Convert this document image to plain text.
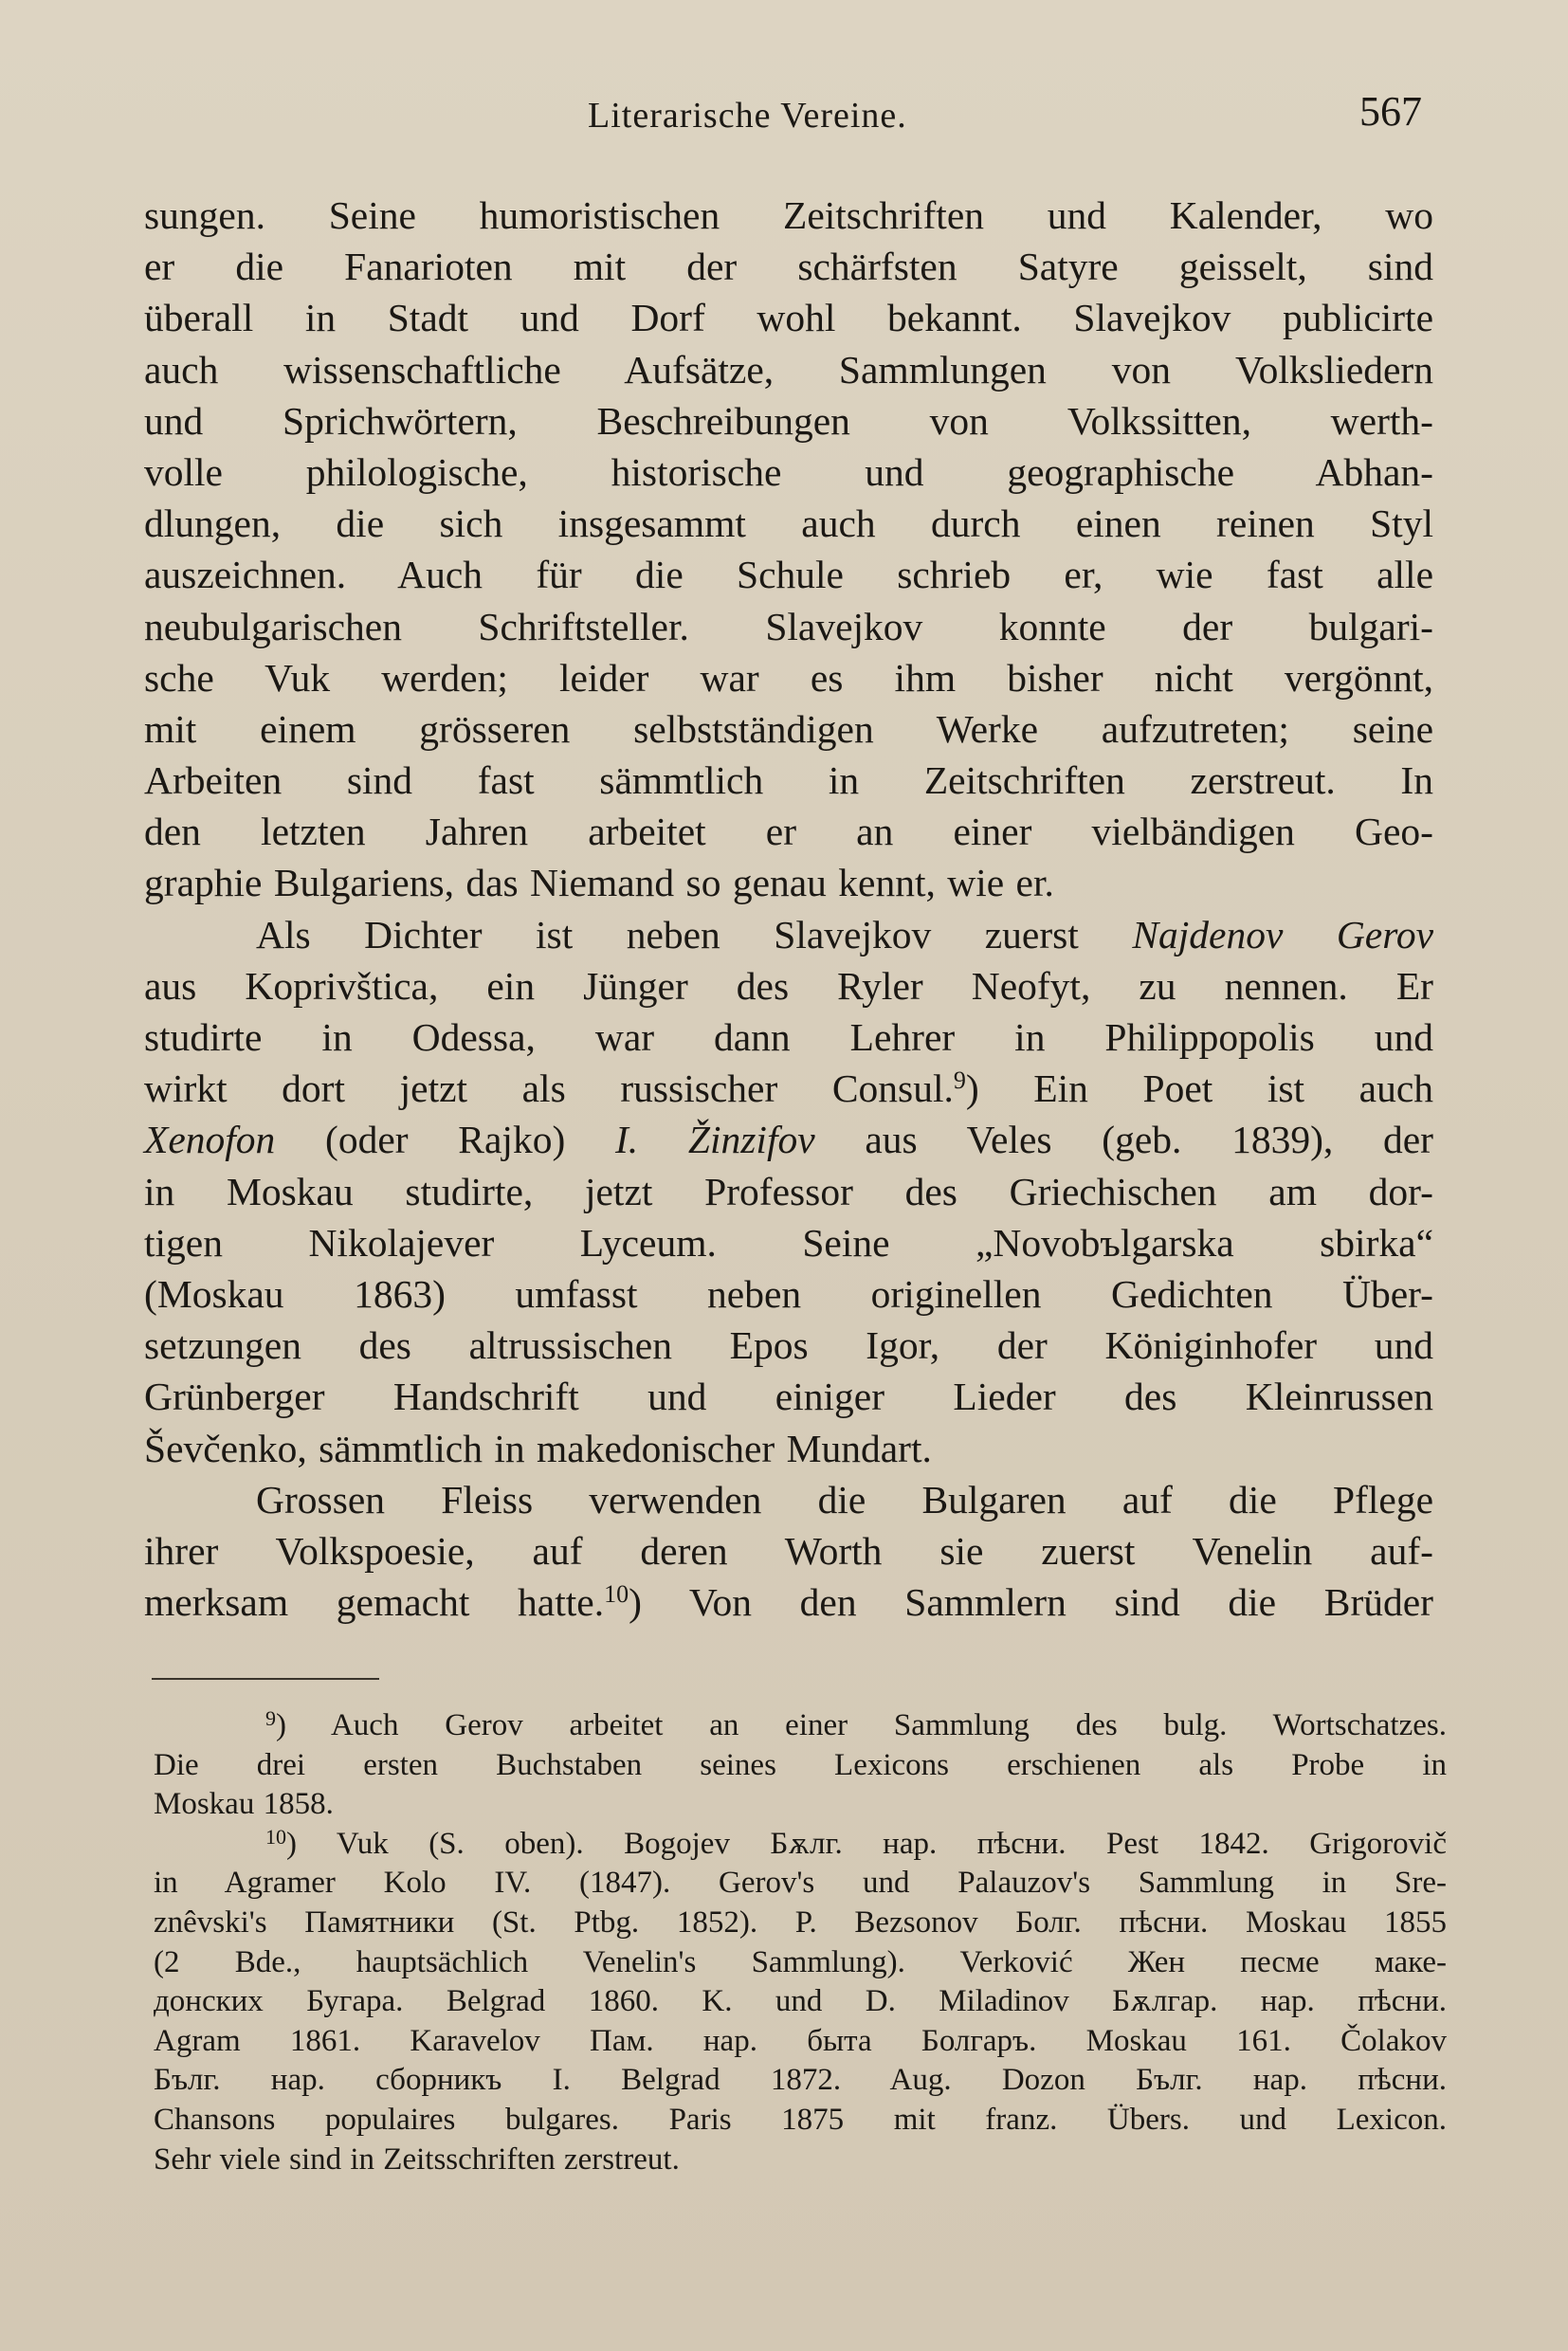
Literarische Vereine.	567
sungen. Seine humoristischen Zeitschriften und Kalender, wo
er die Fanarioten mit der schärfsten Satyre geisselt, sind
überall in Stadt und Dorf wohl bekannt. Slavejkov publicirte
auch wissenschaftliche Aufsätze, Sammlungen von Volksliedern
und Sprichwörtern, Beschreibungen von Volkssitten, werth-
volle philologische, historische und geographische Abhan-
dlungen, die sich insgesammt auch durch einen reinen Styl
auszeichnen. Auch für die Schule schrieb er, wie fast alle
neubulgarischen Schriftsteller. Slavejkov konnte der bulgari-
sche Vuk werden; leider war es ihm bisher nicht vergönnt,
mit einem grösseren selbstständigen Werke aufzutreten; seine
Arbeiten sind fast sämmtlich in Zeitschriften zerstreut. In
den letzten Jahren arbeitet er an einer vielbändigen Geo-
graphie Bulgariens, das Niemand so genau kennt, wie er.
Als Dichter ist neben Slavejkov zuerst Najdenov Gerov
aus Koprivštica, ein Jünger des Ryler Neofyt, zu nennen. Er
studirte in Odessa, war dann Lehrer in Philippopolis und
wirkt dort jetzt als russischer Consul.$^9$) Ein Poet ist auch
Xenofon (oder Rajko) I. Žinzifov aus Veles (geb. 1839), der
in Moskau studirte, jetzt Professor des Griechischen am dor-
tigen Nikolajever Lyceum. Seine „Novobъlgarska sbirka“
(Moskau 1863) umfasst neben originellen Gedichten Über-
setzungen des altrussischen Epos Igor, der Königinhofer und
Grünberger Handschrift und einiger Lieder des Kleinrussen
Ševčenko, sämmtlich in makedonischer Mundart.
Grossen Fleiss verwenden die Bulgaren auf die Pflege
ihrer Volkspoesie, auf deren Worth sie zuerst Venelin auf-
merksam gemacht hatte.$^{10}$) Von den Sammlern sind die Brüder
$^9$) Auch Gerov arbeitet an einer Sammlung des bulg. Wortschatzes.
Die drei ersten Buchstaben seines Lexicons erschienen als Probe in
Moskau 1858.
$^{10}$) Vuk (S. oben). Bogojev Бѫлг. нар. пѣсни. Pest 1842. Grigorovič
in Agramer Kolo IV. (1847). Gerov's und Palauzov's Sammlung in Sre-
znêvski's Памятники (St. Ptbg. 1852). P. Bezsonov Болг. пѣсни. Moskau 1855
(2 Bde., hauptsächlich Venelin's Sammlung). Verković Жен песме маке-
донских Бугара. Belgrad 1860. K. und D. Miladinov Бѫлгар. нар. пѣсни.
Agram 1861. Karavelov Пам. нар. быта Болгаръ. Moskau 161. Čolakov
Бълг. нар. сборникъ I. Belgrad 1872. Aug. Dozon Бълг. нар. пѣсни.
Chansons populaires bulgares. Paris 1875 mit franz. Übers. und Lexicon.
Sehr viele sind in Zeitsschriften zerstreut.
